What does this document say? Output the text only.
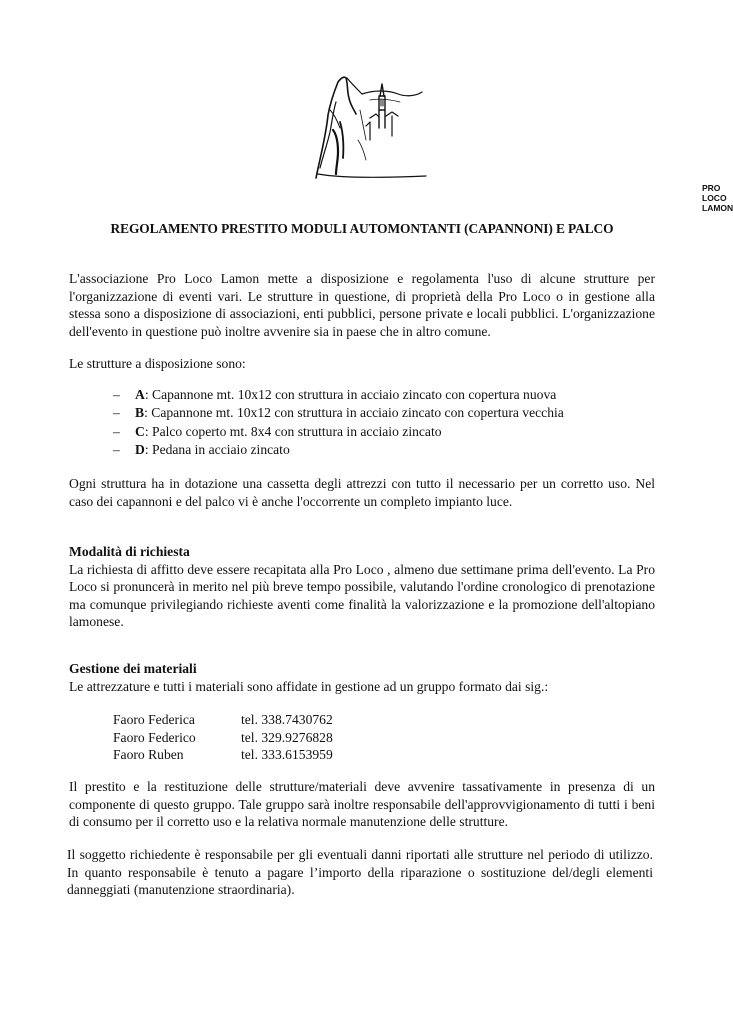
PRO
LOCO
LAMON
REGOLAMENTO PRESTITO MODULI AUTOMONTANTI (CAPANNONI) E PALCO
L'associazione Pro Loco Lamon mette a disposizione e regolamenta l'uso di alcune strutture per l'organizzazione di eventi vari. Le strutture in questione, di proprietà della Pro Loco o in gestione alla stessa sono a disposizione di associazioni, enti pubblici, persone private e locali pubblici. L'organizzazione dell'evento in questione può inoltre avvenire sia in paese che in altro comune.
Le strutture a disposizione sono:
– A: Capannone mt. 10x12 con struttura in acciaio zincato con copertura nuova
– B: Capannone mt. 10x12 con struttura in acciaio zincato con copertura vecchia
– C: Palco coperto mt. 8x4 con struttura in acciaio zincato
– D: Pedana in acciaio zincato
Ogni struttura ha in dotazione una cassetta degli attrezzi con tutto il necessario per un corretto uso. Nel caso dei capannoni e del palco vi è anche l'occorrente un completo impianto luce.
Modalità di richiesta
La richiesta di affitto deve essere recapitata alla Pro Loco , almeno due settimane prima dell'evento. La Pro Loco si pronuncerà in merito nel più breve tempo possibile, valutando l'ordine cronologico di prenotazione ma comunque privilegiando richieste aventi come finalità la valorizzazione e la promozione dell'altopiano lamonese.
Gestione dei materiali
Le attrezzature e tutti i materiali sono affidate in gestione ad un gruppo formato dai sig.:
Faoro Federica	tel. 338.7430762
Faoro Federico	tel. 329.9276828
Faoro Ruben	tel. 333.6153959
Il prestito e la restituzione delle strutture/materiali deve avvenire tassativamente in presenza di un componente di questo gruppo. Tale gruppo sarà inoltre responsabile dell'approvvigionamento di tutti i beni di consumo per il corretto uso e la relativa normale manutenzione delle strutture.
Il soggetto richiedente è responsabile per gli eventuali danni riportati alle strutture nel periodo di utilizzo. In quanto responsabile è tenuto a pagare l’importo della riparazione o sostituzione del/degli elementi danneggiati (manutenzione straordinaria).
